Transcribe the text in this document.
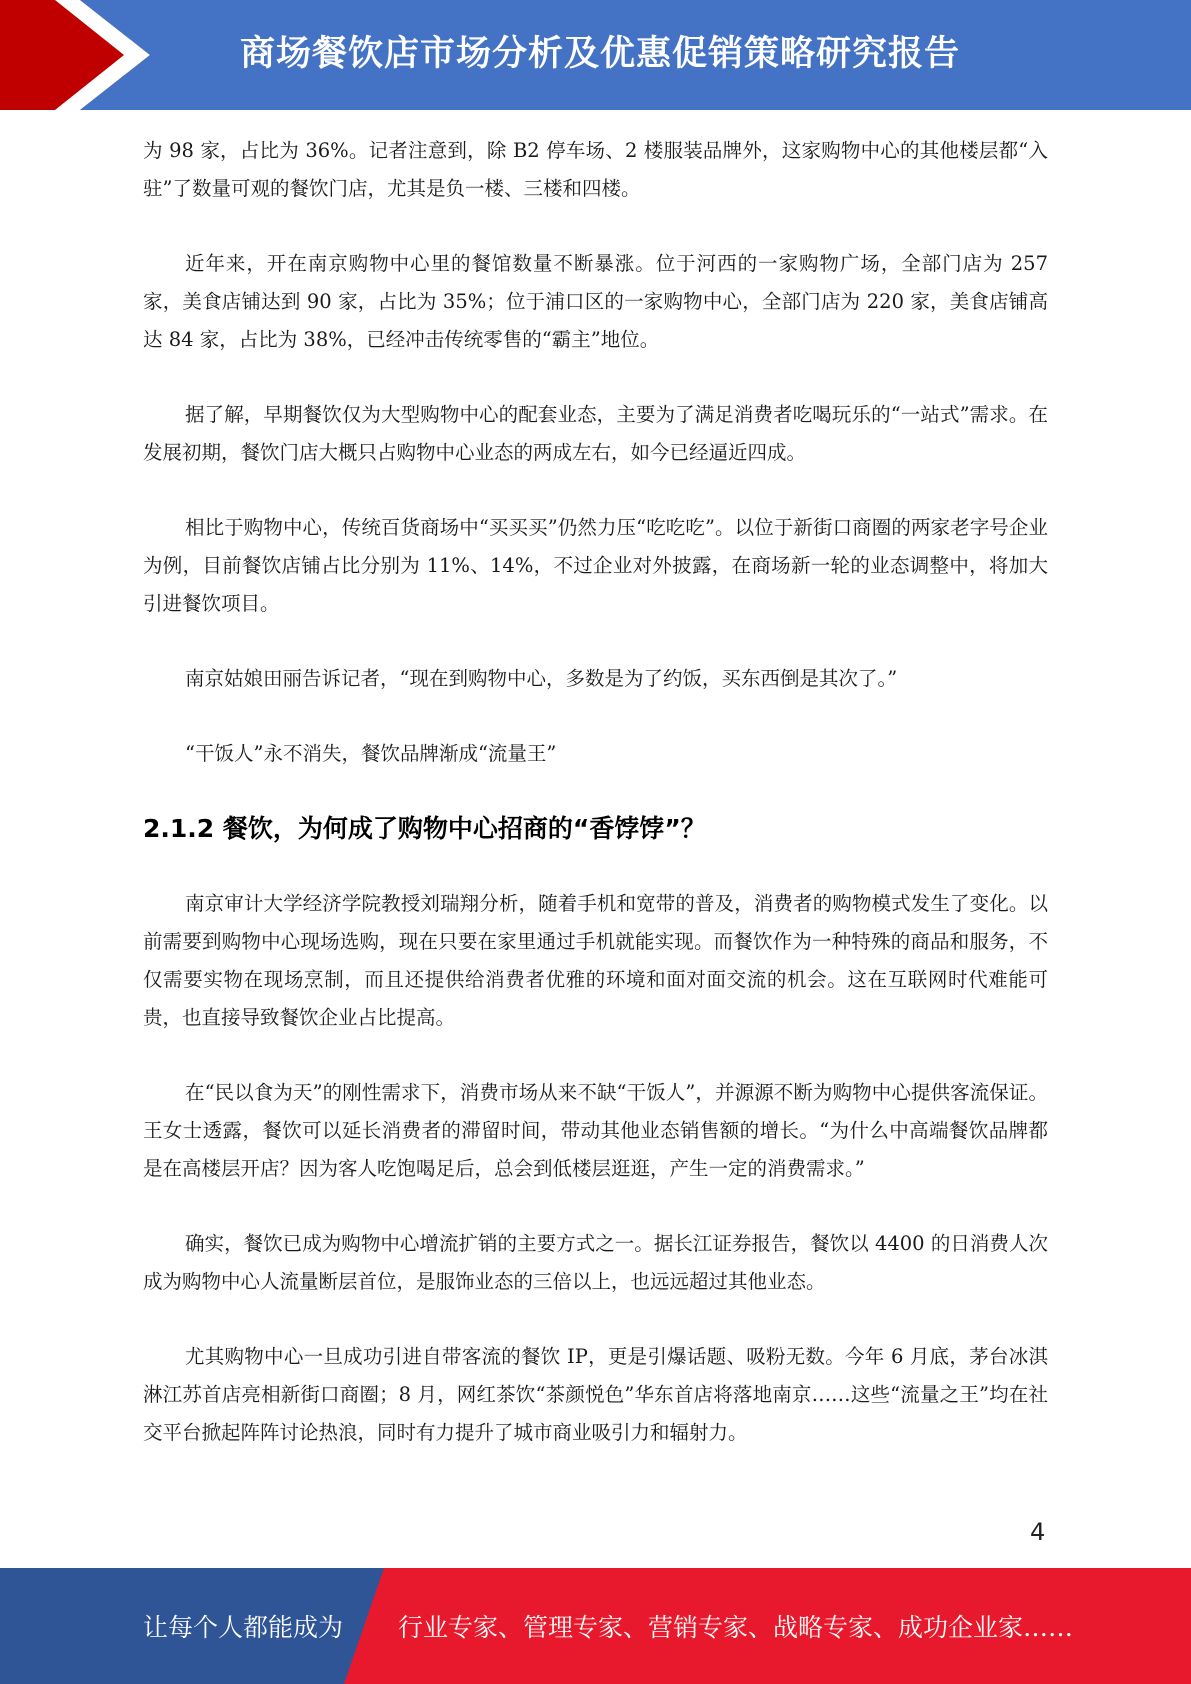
商场餐饮店市场分析及优惠促销策略研究报告

为 98 家，占比为 36%。记者注意到，除 B2 停车场、2 楼服装品牌外，这家购物中心的其他楼层都“入驻”了数量可观的餐饮门店，尤其是负一楼、三楼和四楼。

近年来，开在南京购物中心里的餐馆数量不断暴涨。位于河西的一家购物广场，全部门店为 257 家，美食店铺达到 90 家，占比为 35%；位于浦口区的一家购物中心，全部门店为 220 家，美食店铺高达 84 家，占比为 38%，已经冲击传统零售的“霸主”地位。

据了解，早期餐饮仅为大型购物中心的配套业态，主要为了满足消费者吃喝玩乐的“一站式”需求。在发展初期，餐饮门店大概只占购物中心业态的两成左右，如今已经逼近四成。

相比于购物中心，传统百货商场中“买买买”仍然力压“吃吃吃”。以位于新街口商圈的两家老字号企业为例，目前餐饮店铺占比分别为 11%、14%，不过企业对外披露，在商场新一轮的业态调整中，将加大引进餐饮项目。

南京姑娘田丽告诉记者，“现在到购物中心，多数是为了约饭，买东西倒是其次了。”

“干饭人”永不消失，餐饮品牌渐成“流量王”

2.1.2 餐饮，为何成了购物中心招商的“香饽饽”？

南京审计大学经济学院教授刘瑞翔分析，随着手机和宽带的普及，消费者的购物模式发生了变化。以前需要到购物中心现场选购，现在只要在家里通过手机就能实现。而餐饮作为一种特殊的商品和服务，不仅需要实物在现场烹制，而且还提供给消费者优雅的环境和面对面交流的机会。这在互联网时代难能可贵，也直接导致餐饮企业占比提高。

在“民以食为天”的刚性需求下，消费市场从来不缺“干饭人”，并源源不断为购物中心提供客流保证。王女士透露，餐饮可以延长消费者的滞留时间，带动其他业态销售额的增长。“为什么中高端餐饮品牌都是在高楼层开店？因为客人吃饱喝足后，总会到低楼层逛逛，产生一定的消费需求。”

确实，餐饮已成为购物中心增流扩销的主要方式之一。据长江证券报告，餐饮以 4400 的日消费人次成为购物中心人流量断层首位，是服饰业态的三倍以上，也远远超过其他业态。

尤其购物中心一旦成功引进自带客流的餐饮 IP，更是引爆话题、吸粉无数。今年 6 月底，茅台冰淇淋江苏首店亮相新街口商圈；8 月，网红茶饮“茶颜悦色”华东首店将落地南京……这些“流量之王”均在社交平台掀起阵阵讨论热浪，同时有力提升了城市商业吸引力和辐射力。

4
让每个人都能成为 行业专家、管理专家、营销专家、战略专家、成功企业家……
